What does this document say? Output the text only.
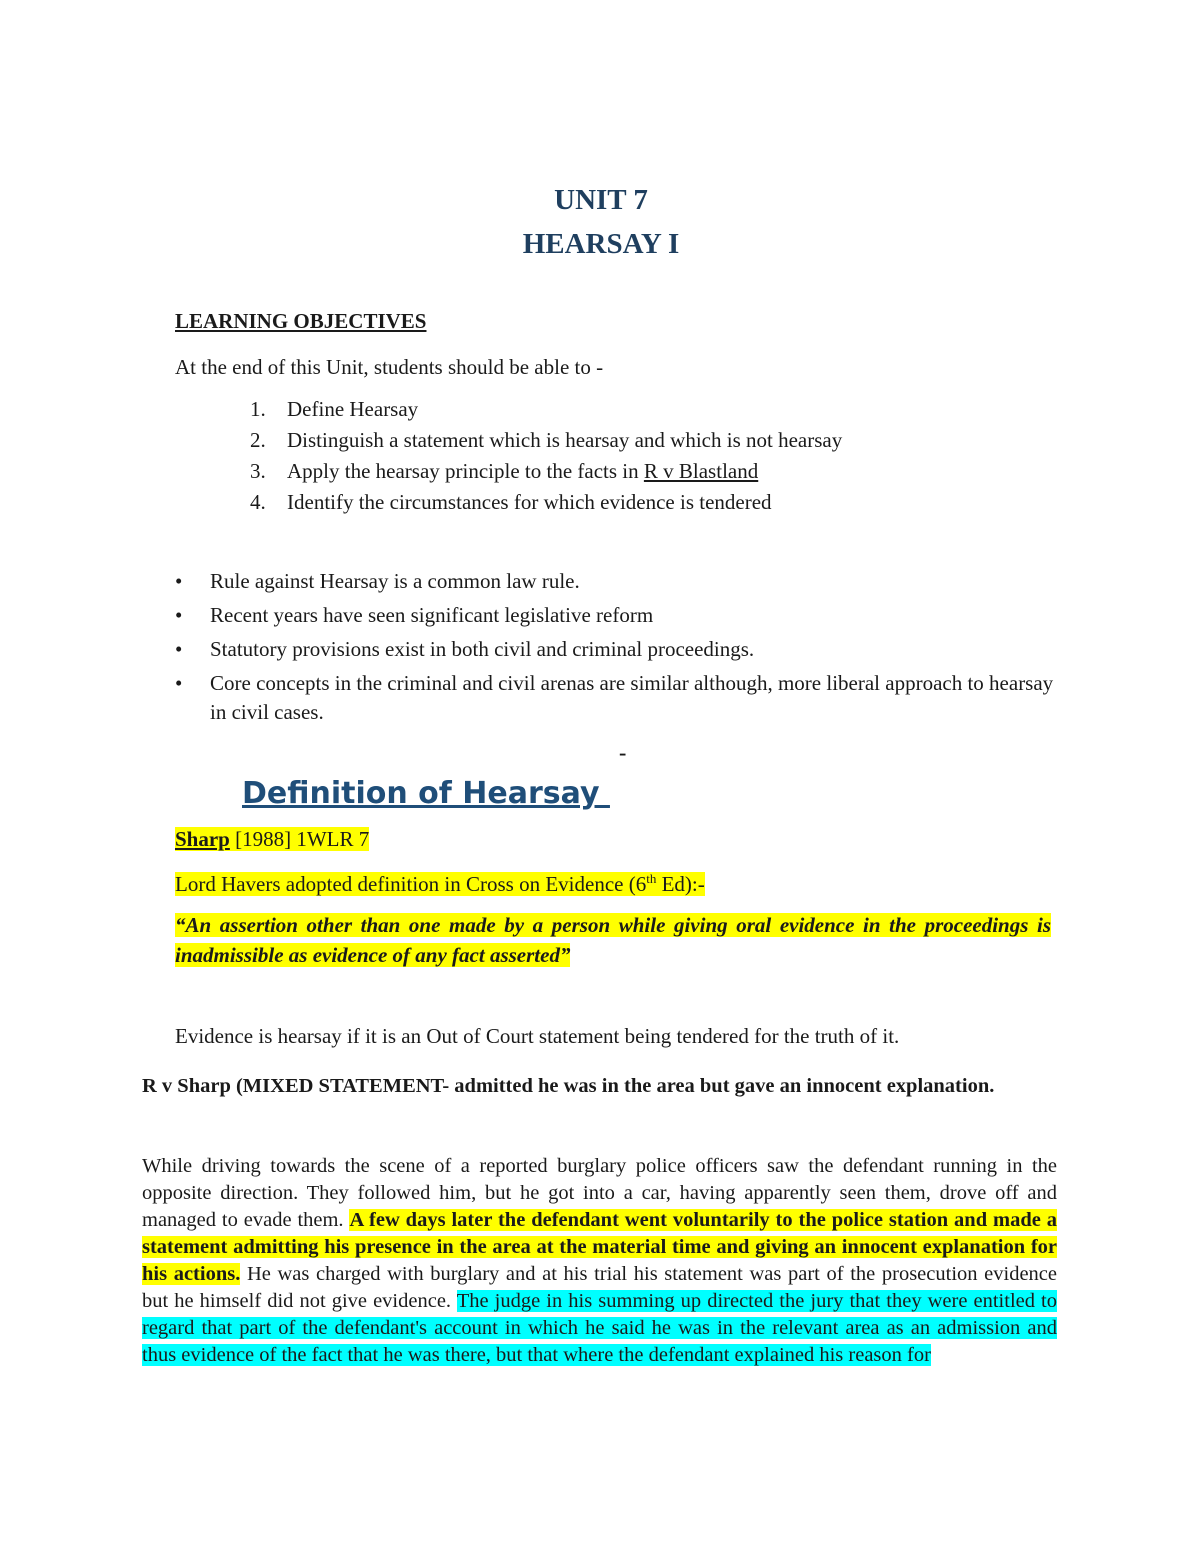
UNIT 7
HEARSAY I
LEARNING OBJECTIVES
At the end of this Unit, students should be able to -
1. Define Hearsay
2. Distinguish a statement which is hearsay and which is not hearsay
3. Apply the hearsay principle to the facts in R v Blastland
4. Identify the circumstances for which evidence is tendered
• Rule against Hearsay is a common law rule.
• Recent years have seen significant legislative reform
• Statutory provisions exist in both civil and criminal proceedings.
• Core concepts in the criminal and civil arenas are similar although, more liberal approach to hearsay in civil cases.
-
Definition of Hearsay
Sharp [1988] 1WLR 7
Lord Havers adopted definition in Cross on Evidence (6th Ed):-
“An assertion other than one made by a person while giving oral evidence in the proceedings is inadmissible as evidence of any fact asserted”
Evidence is hearsay if it is an Out of Court statement being tendered for the truth of it.
R v Sharp (MIXED STATEMENT- admitted he was in the area but gave an innocent explanation.
While driving towards the scene of a reported burglary police officers saw the defendant running in the opposite direction. They followed him, but he got into a car, having apparently seen them, drove off and managed to evade them. A few days later the defendant went voluntarily to the police station and made a statement admitting his presence in the area at the material time and giving an innocent explanation for his actions. He was charged with burglary and at his trial his statement was part of the prosecution evidence but he himself did not give evidence. The judge in his summing up directed the jury that they were entitled to regard that part of the defendant's account in which he said he was in the relevant area as an admission and thus evidence of the fact that he was there, but that where the defendant explained his reason for
